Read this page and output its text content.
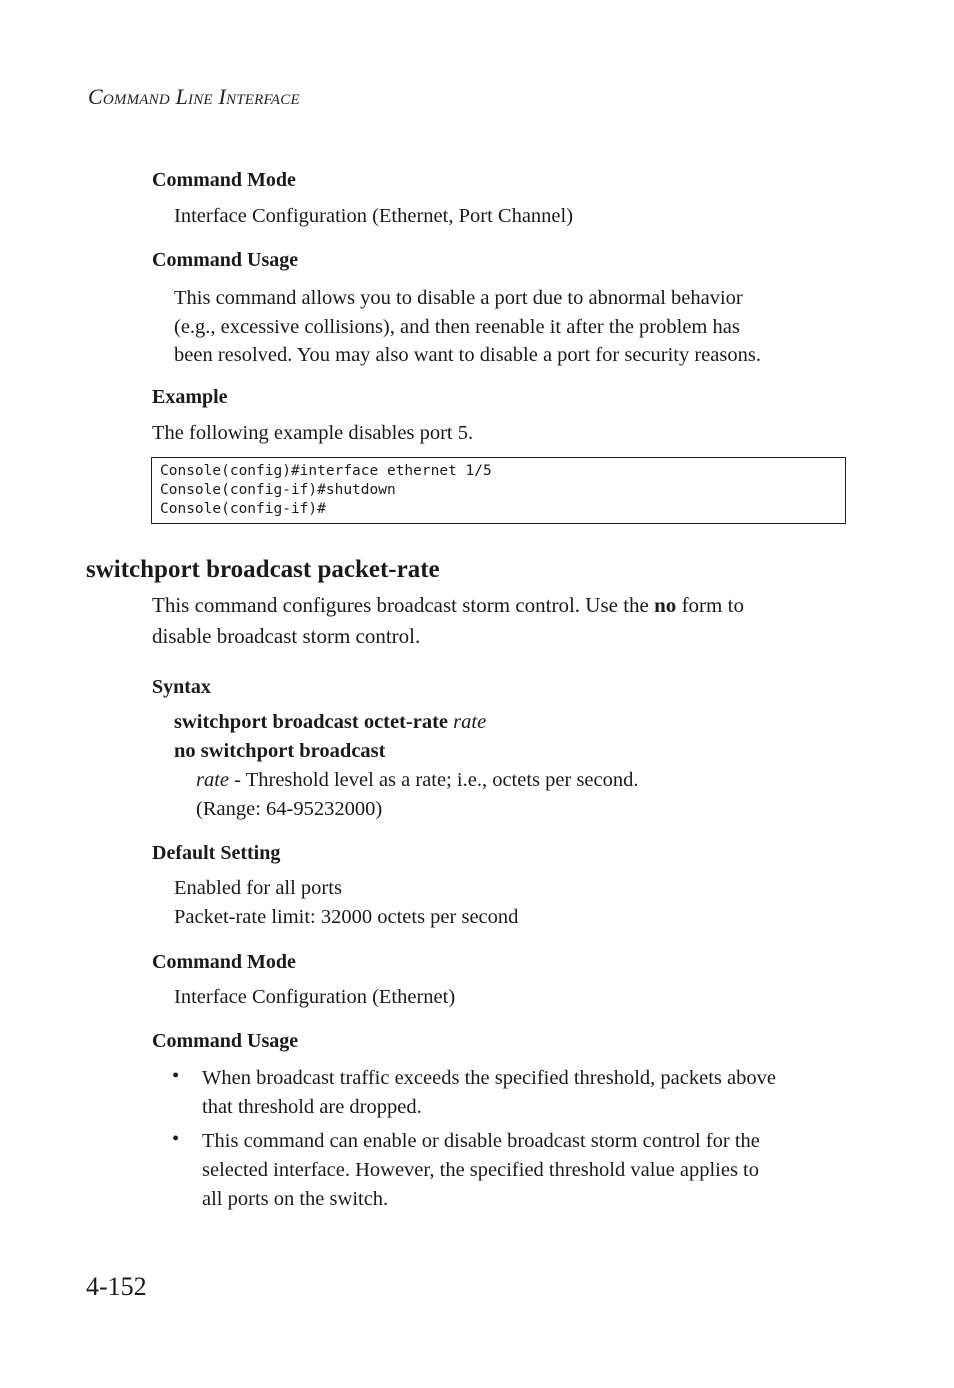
Command Line Interface
Command Mode
Interface Configuration (Ethernet, Port Channel)
Command Usage

This command allows you to disable a port due to abnormal behavior

(e.g., excessive collisions), and then reenable it after the problem has

been resolved. You may also want to disable a port for security reasons.

Example
The following example disables port 5.
Console(config)#interface ethernet 1/5
Console(config-if)#shutdown
Console(config-if)#
switchport broadcast packet-rate
This command configures broadcast storm control. Use the no form to
disable broadcast storm control.
Syntax
switchport broadcast octet-rate rate
no switchport broadcast
rate - Threshold level as a rate; i.e., octets per second.
(Range: 64-95232000)
Default Setting
Enabled for all ports
Packet-rate limit: 32000 octets per second
Command Mode
Interface Configuration (Ethernet)
Command Usage
• When broadcast traffic exceeds the specified threshold, packets above

that threshold are dropped.

• This command can enable or disable broadcast storm control for the

selected interface. However, the specified threshold value applies to

all ports on the switch.

4-152
